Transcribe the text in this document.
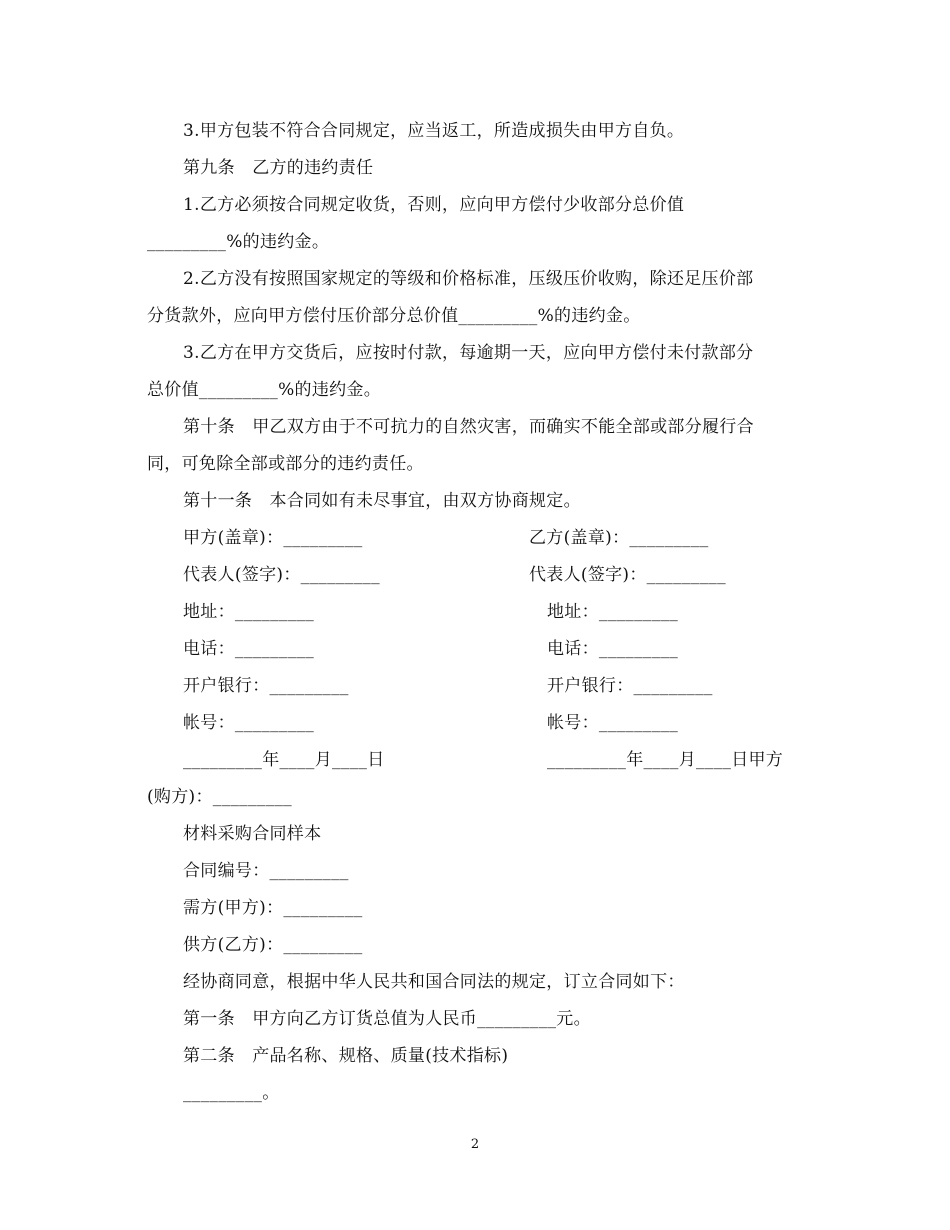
3.甲方包装不符合合同规定，应当返工，所造成损失由甲方自负。
第九条　乙方的违约责任
1.乙方必须按合同规定收货，否则，应向甲方偿付少收部分总价值
_________%的违约金。
2.乙方没有按照国家规定的等级和价格标准，压级压价收购，除还足压价部
分货款外，应向甲方偿付压价部分总价值_________%的违约金。
3.乙方在甲方交货后，应按时付款，每逾期一天，应向甲方偿付未付款部分
总价值_________%的违约金。
第十条　甲乙双方由于不可抗力的自然灾害，而确实不能全部或部分履行合
同，可免除全部或部分的违约责任。
第十一条　本合同如有未尽事宜，由双方协商规定。
甲方(盖章)：_________	乙方(盖章)：_________
代表人(签字)：_________	代表人(签字)：_________
地址：_________	地址：_________
电话：_________	电话：_________
开户银行：_________	开户银行：_________
帐号：_________	帐号：_________
_________年____月____日	_________年____月____日甲方
(购方)：_________
材料采购合同样本
合同编号：_________
需方(甲方)：_________
供方(乙方)：_________
经协商同意，根据中华人民共和国合同法的规定，订立合同如下：
第一条　甲方向乙方订货总值为人民币_________元。
第二条　产品名称、规格、质量(技术指标)
_________。
2
